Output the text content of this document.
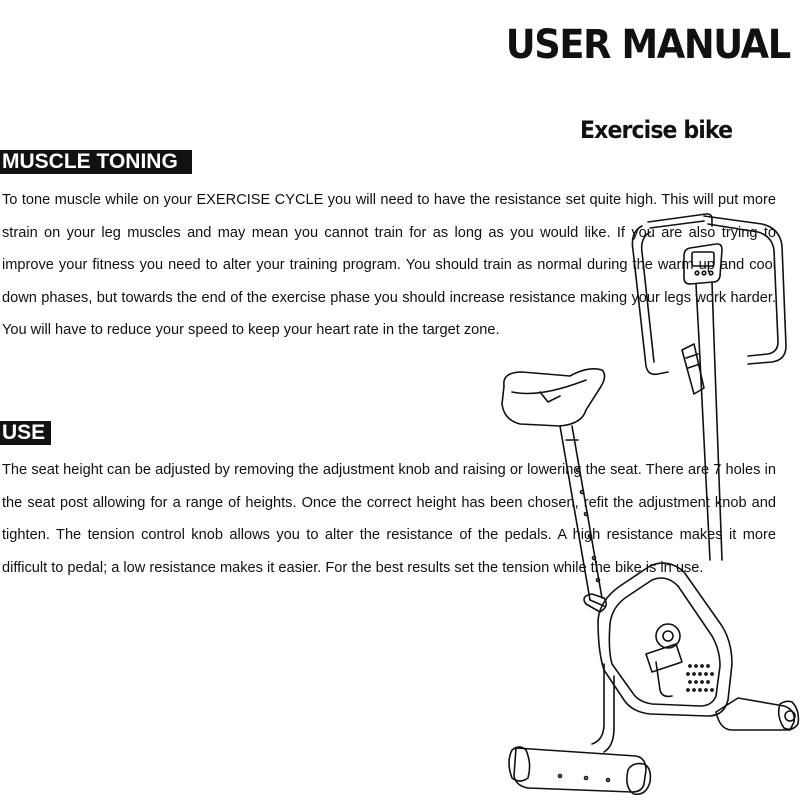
USER MANUAL
Exercise bike
MUSCLE TONING

To tone muscle while on your EXERCISE CYCLE you will need to have the resistance set quite high. This will put more strain on your leg muscles and may mean you cannot train for as long as you would like. If you are also trying to improve your fitness you need to alter your training program. You should train as normal during the warm up and cool down phases, but towards the end of the exercise phase you should increase resistance making your legs work harder. You will have to reduce your speed to keep your heart rate in the target zone.

USE

The seat height can be adjusted by removing the adjustment knob and raising or lowering the seat. There are 7 holes in the seat post allowing for a range of heights. Once the correct height has been chosen, refit the adjustment knob and tighten. The tension control knob allows you to alter the resistance of the pedals. A high resistance makes it more difficult to pedal; a low resistance makes it easier. For the best results set the tension while the bike is in use.
